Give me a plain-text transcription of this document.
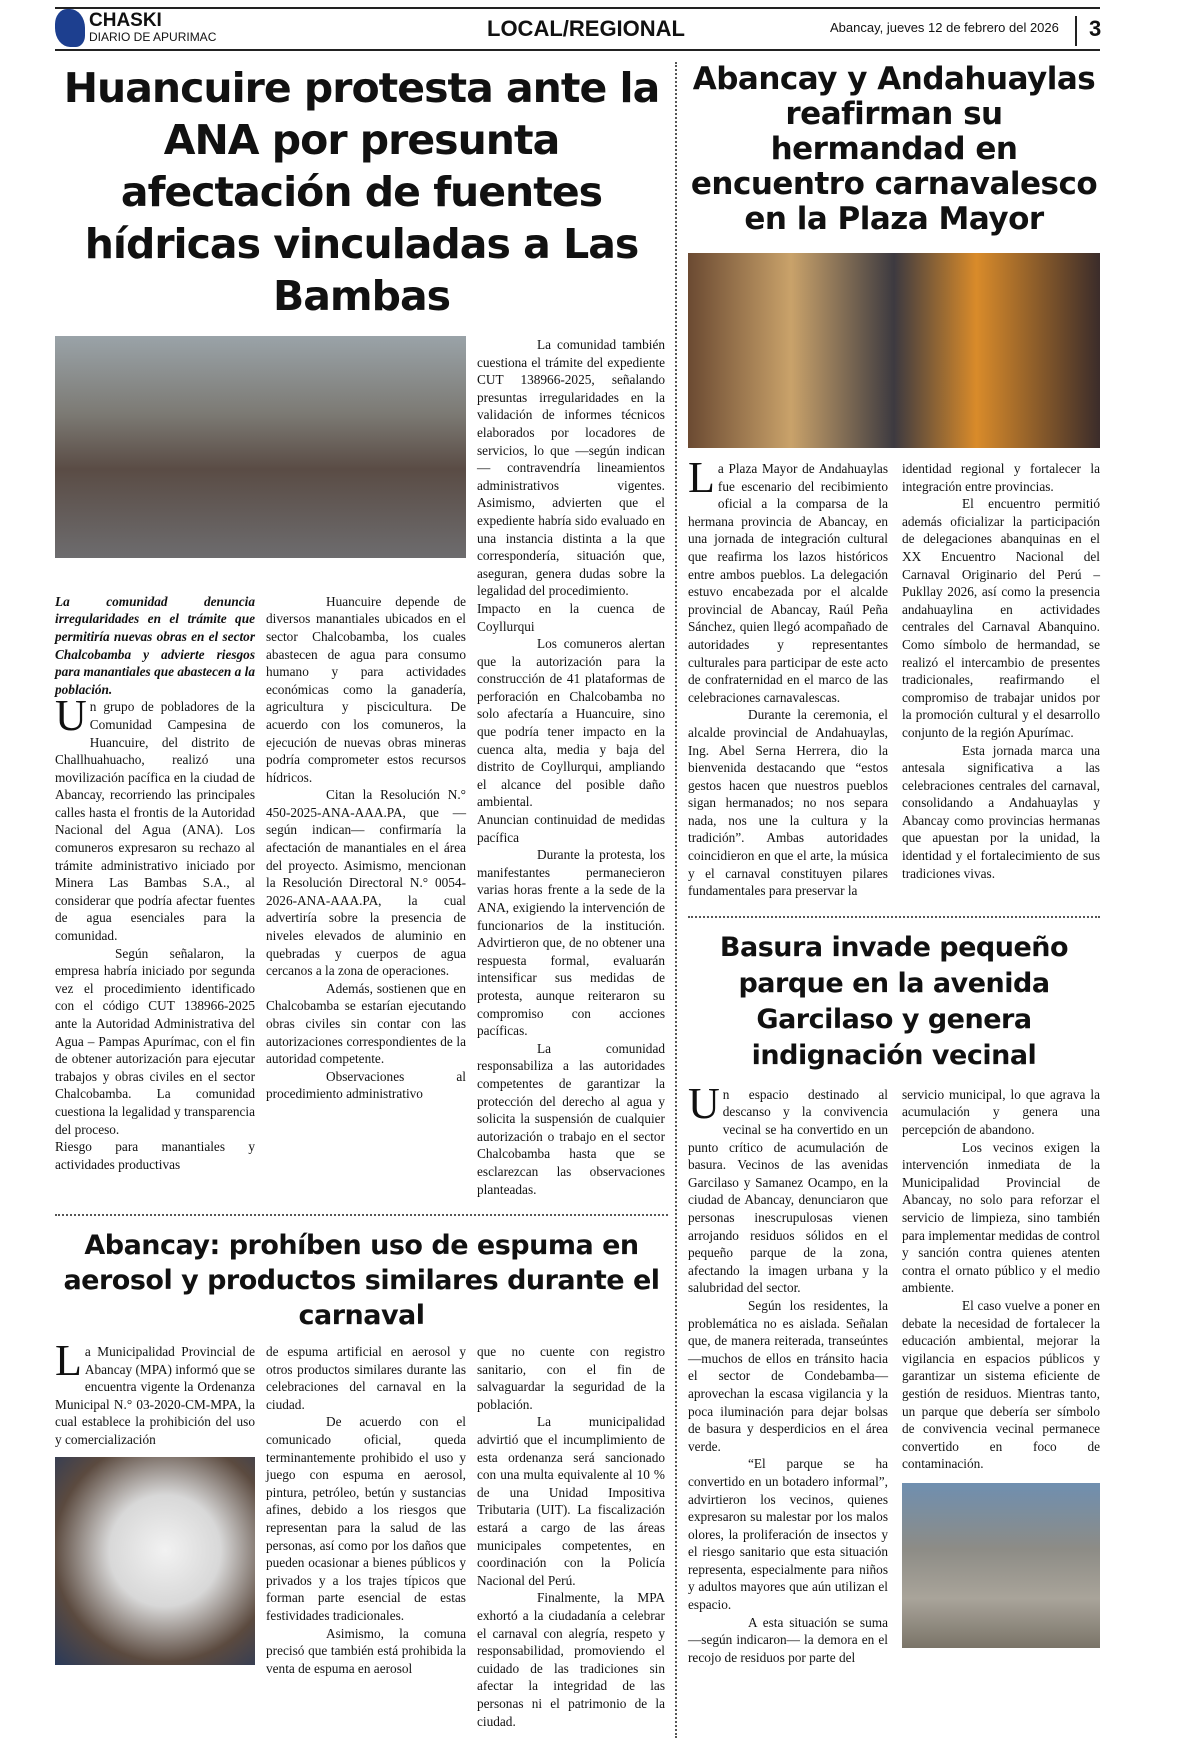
CHASKI
DIARIO DE APURIMAC	LOCAL/REGIONAL	Abancay, jueves 12 de febrero del 2026	3
Huancuire protesta ante la ANA por presunta afectación de fuentes hídricas vinculadas a Las Bambas

La comunidad denuncia irregularidades en el trámite que permitiría nuevas obras en el sector Chalcobamba y advierte riesgos para manantiales que abastecen a la población.

Un grupo de pobladores de la Comunidad Campesina de Huancuire, del distrito de Challhuahuacho, realizó una movilización pacífica en la ciudad de Abancay, recorriendo las principales calles hasta el frontis de la Autoridad Nacional del Agua (ANA). Los comuneros expresaron su rechazo al trámite administrativo iniciado por Minera Las Bambas S.A., al considerar que podría afectar fuentes de agua esenciales para la comunidad.

Según señalaron, la empresa habría iniciado por segunda vez el procedimiento identificado con el código CUT 138966-2025 ante la Autoridad Administrativa del Agua – Pampas Apurímac, con el fin de obtener autorización para ejecutar trabajos y obras civiles en el sector Chalcobamba. La comunidad cuestiona la legalidad y transparencia del proceso.

Riesgo para manantiales y actividades productivas

Huancuire depende de diversos manantiales ubicados en el sector Chalcobamba, los cuales abastecen de agua para consumo humano y para actividades económicas como la ganadería, agricultura y piscicultura. De acuerdo con los comuneros, la ejecución de nuevas obras mineras podría comprometer estos recursos hídricos.

Citan la Resolución N.° 450-2025-ANA-AAA.PA, que —según indican— confirmaría la afectación de manantiales en el área del proyecto. Asimismo, mencionan la Resolución Directoral N.° 0054-2026-ANA-AAA.PA, la cual advertiría sobre la presencia de niveles elevados de aluminio en quebradas y cuerpos de agua cercanos a la zona de operaciones.

Además, sostienen que en Chalcobamba se estarían ejecutando obras civiles sin contar con las autorizaciones correspondientes de la autoridad competente.

Observaciones al procedimiento administrativo

La comunidad también cuestiona el trámite del expediente CUT 138966-2025, señalando presuntas irregularidades en la validación de informes técnicos elaborados por locadores de servicios, lo que —según indican— contravendría lineamientos administrativos vigentes. Asimismo, advierten que el expediente habría sido evaluado en una instancia distinta a la que correspondería, situación que, aseguran, genera dudas sobre la legalidad del procedimiento.

Impacto en la cuenca de Coyllurqui

Los comuneros alertan que la autorización para la construcción de 41 plataformas de perforación en Chalcobamba no solo afectaría a Huancuire, sino que podría tener impacto en la cuenca alta, media y baja del distrito de Coyllurqui, ampliando el alcance del posible daño ambiental.

Anuncian continuidad de medidas pacífica

Durante la protesta, los manifestantes permanecieron varias horas frente a la sede de la ANA, exigiendo la intervención de funcionarios de la institución. Advirtieron que, de no obtener una respuesta formal, evaluarán intensificar sus medidas de protesta, aunque reiteraron su compromiso con acciones pacíficas.

La comunidad responsabiliza a las autoridades competentes de garantizar la protección del derecho al agua y solicita la suspensión de cualquier autorización o trabajo en el sector Chalcobamba hasta que se esclarezcan las observaciones planteadas.

Abancay: prohíben uso de espuma en aerosol y productos similares durante el carnaval

La Municipalidad Provincial de Abancay (MPA) informó que se encuentra vigente la Ordenanza Municipal N.° 03-2020-CM-MPA, la cual establece la prohibición del uso y comercialización

de espuma artificial en aerosol y otros productos similares durante las celebraciones del carnaval en la ciudad.

De acuerdo con el comunicado oficial, queda terminantemente prohibido el uso y juego con espuma en aerosol, pintura, petróleo, betún y sustancias afines, debido a los riesgos que representan para la salud de las personas, así como por los daños que pueden ocasionar a bienes públicos y privados y a los trajes típicos que forman parte esencial de estas festividades tradicionales.

Asimismo, la comuna precisó que también está prohibida la venta de espuma en aerosol

que no cuente con registro sanitario, con el fin de salvaguardar la seguridad de la población.

La municipalidad advirtió que el incumplimiento de esta ordenanza será sancionado con una multa equivalente al 10 % de una Unidad Impositiva Tributaria (UIT). La fiscalización estará a cargo de las áreas municipales competentes, en coordinación con la Policía Nacional del Perú.

Finalmente, la MPA exhortó a la ciudadanía a celebrar el carnaval con alegría, respeto y responsabilidad, promoviendo el cuidado de las tradiciones sin afectar la integridad de las personas ni el patrimonio de la ciudad.

Abancay y Andahuaylas reafirman su hermandad en encuentro carnavalesco en la Plaza Mayor

La Plaza Mayor de Andahuaylas fue escenario del recibimiento oficial a la comparsa de la hermana provincia de Abancay, en una jornada de integración cultural que reafirma los lazos históricos entre ambos pueblos. La delegación estuvo encabezada por el alcalde provincial de Abancay, Raúl Peña Sánchez, quien llegó acompañado de autoridades y representantes culturales para participar de este acto de confraternidad en el marco de las celebraciones carnavalescas.

Durante la ceremonia, el alcalde provincial de Andahuaylas, Ing. Abel Serna Herrera, dio la bienvenida destacando que “estos gestos hacen que nuestros pueblos sigan hermanados; no nos separa nada, nos une la cultura y la tradición”. Ambas autoridades coincidieron en que el arte, la música y el carnaval constituyen pilares fundamentales para preservar la

identidad regional y fortalecer la integración entre provincias.

El encuentro permitió además oficializar la participación de delegaciones abanquinas en el XX Encuentro Nacional del Carnaval Originario del Perú – Pukllay 2026, así como la presencia andahuaylina en actividades centrales del Carnaval Abanquino. Como símbolo de hermandad, se realizó el intercambio de presentes tradicionales, reafirmando el compromiso de trabajar unidos por la promoción cultural y el desarrollo conjunto de la región Apurímac.

Esta jornada marca una antesala significativa a las celebraciones centrales del carnaval, consolidando a Andahuaylas y Abancay como provincias hermanas que apuestan por la unidad, la identidad y el fortalecimiento de sus tradiciones vivas.

Basura invade pequeño parque en la avenida Garcilaso y genera indignación vecinal

Un espacio destinado al descanso y la convivencia vecinal se ha convertido en un punto crítico de acumulación de basura. Vecinos de las avenidas Garcilaso y Samanez Ocampo, en la ciudad de Abancay, denunciaron que personas inescrupulosas vienen arrojando residuos sólidos en el pequeño parque de la zona, afectando la imagen urbana y la salubridad del sector.

Según los residentes, la problemática no es aislada. Señalan que, de manera reiterada, transeúntes —muchos de ellos en tránsito hacia el sector de Condebamba— aprovechan la escasa vigilancia y la poca iluminación para dejar bolsas de basura y desperdicios en el área verde.

“El parque se ha convertido en un botadero informal”, advirtieron los vecinos, quienes expresaron su malestar por los malos olores, la proliferación de insectos y el riesgo sanitario que esta situación representa, especialmente para niños y adultos mayores que aún utilizan el espacio.

A esta situación se suma —según indicaron— la demora en el recojo de residuos por parte del

servicio municipal, lo que agrava la acumulación y genera una percepción de abandono.

Los vecinos exigen la intervención inmediata de la Municipalidad Provincial de Abancay, no solo para reforzar el servicio de limpieza, sino también para implementar medidas de control y sanción contra quienes atenten contra el ornato público y el medio ambiente.

El caso vuelve a poner en debate la necesidad de fortalecer la educación ambiental, mejorar la vigilancia en espacios públicos y garantizar un sistema eficiente de gestión de residuos. Mientras tanto, un parque que debería ser símbolo de convivencia vecinal permanece convertido en foco de contaminación.
